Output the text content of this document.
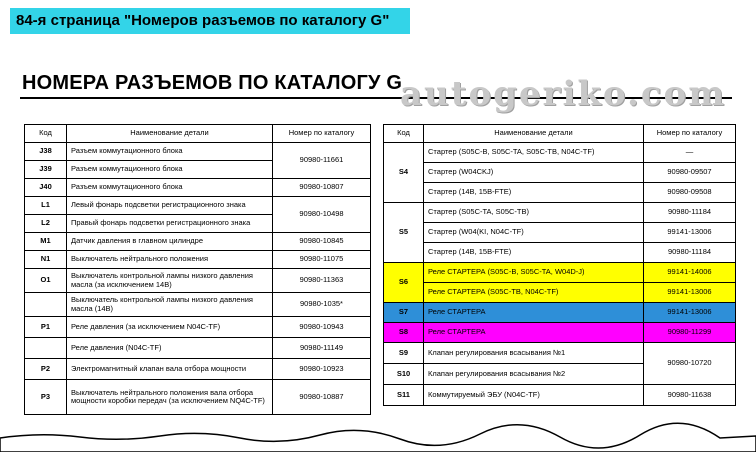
84-я страница "Номеров разъемов по каталогу G"
НОМЕРА РАЗЪЕМОВ ПО КАТАЛОГУ G
autogeriko.com
Код	Наименование детали	Номер по каталогу
J38	Разъем коммутационного блока	90980-11661
J39	Разъем коммутационного блока	
J40	Разъем коммутационного блока	90980-10807
L1	Левый фонарь подсветки регистрационного знака	90980-10498
L2	Правый фонарь подсветки регистрационного знака	
M1	Датчик давления в главном цилиндре	90980-10845
N1	Выключатель нейтрального положения	90980-11075
O1	Выключатель контрольной лампы низкого давления масла (за исключением 14В)	90980-11363
	Выключатель контрольной лампы низкого давления масла (14В)	90980-1035*
P1	Реле давления (за исключением N04C-TF)	90980-10943
	Реле давления (N04C-TF)	90980-11149
P2	Электромагнитный клапан вала отбора мощности	90980-10923
P3	Выключатель нейтрального положения вала отбора мощности коробки передач (за исключением NQ4C-TF)	90980-10887
Код	Наименование детали	Номер по каталогу
S4	Стартер (S05C-B, S05C-TA, S05C-TB, N04C-TF)	—
	Стартер (W04CKJ)	90980-09507
	Стартер (14В, 15В-FTE)	90980-09508
S5	Стартер (S05C-TA, S05C-TB)	90980-11184
	Стартер (W04(KI, N04C-TF)	99141-13006
	Стартер (14В, 15В-FTE)	90980-11184
S6	Реле СТАРТЕРА (S05C-B, S05C-TA, W04D-J)	99141-14006
	Реле СТАРТЕРА (S05C-TB, N04C-TF)	99141-13006
S7	Реле СТАРТЕРА	99141-13006
S8	Реле СТАРТЕРА	90980-11299
S9	Клапан регулирования всасывания №1	90980-10720
S10	Клапан регулирования всасывания №2	
S11	Коммутируемый ЭБУ (N04C-TF)	90980-11638
